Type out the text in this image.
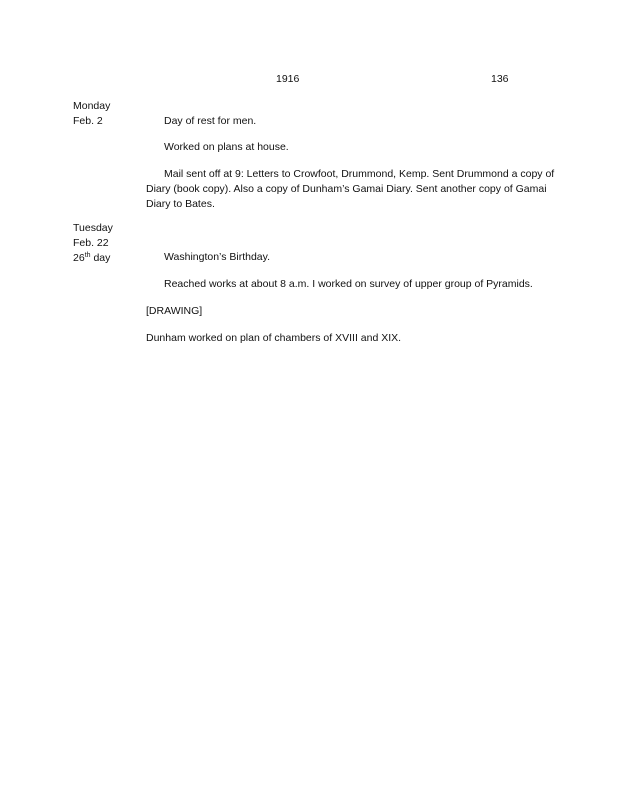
1916	136
Monday
Feb. 2	Day of rest for men.
Worked on plans at house.
Mail sent off at 9: Letters to Crowfoot, Drummond, Kemp. Sent Drummond a copy of Diary (book copy). Also a copy of Dunham’s Gamai Diary. Sent another copy of Gamai Diary to Bates.
Tuesday
Feb. 22
26th day	Washington’s Birthday.
Reached works at about 8 a.m. I worked on survey of upper group of Pyramids.
[DRAWING]
Dunham worked on plan of chambers of XVIII and XIX.
